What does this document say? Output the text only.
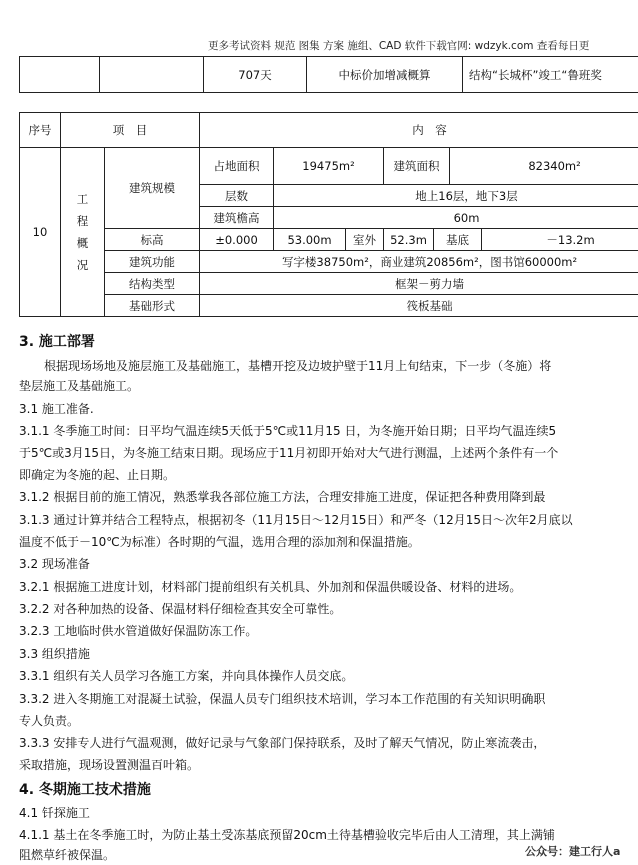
更多考试资料 规范 图集 方案 施组、CAD 软件下载官网: wdzyk.com 查看每日更
		707天	中标价加增减概算	结构“长城杯”竣工“鲁班奖
序号	项　目		内　容						
10	工
程
概
况	建筑规模	占地面积	19475m²		建筑面积		82340m²	
			层数	地上16层，地下3层					
			建筑檐高	60m					
		标高	±0.000	53.00m	室外	52.3m	基底		－13.2m
		建筑功能	写字楼38750m²，商业建筑20856m²，图书馆60000m²						
		结构类型	框架－剪力墙						
		基础形式	筏板基础						
3. 施工部署
根据现场场地及施层施工及基础施工，基槽开挖及边坡护壁于11月上旬结束，下一步（冬施）将
垫层施工及基础施工。
3.1 施工准备.
3.1.1 冬季施工时间：日平均气温连续5天低于5℃或11月15 日，为冬施开始日期；日平均气温连续5
于5℃或3月15日，为冬施工结束日期。现场应于11月初即开始对大气进行测温，上述两个条件有一个
即确定为冬施的起、止日期。
3.1.2 根据目前的施工情况，熟悉掌我各部位施工方法，合理安排施工进度，保证把各种费用降到最
3.1.3 通过计算并结合工程特点，根据初冬（11月15日～12月15日）和严冬（12月15日～次年2月底以
温度不低于－10℃为标准）各时期的气温，选用合理的添加剂和保温措施。
3.2 现场准备
3.2.1 根据施工进度计划，材料部门提前组织有关机具、外加剂和保温供暖设备、材料的进场。
3.2.2 对各种加热的设备、保温材料仔细检查其安全可靠性。
3.2.3 工地临时供水管道做好保温防冻工作。
3.3 组织措施
3.3.1 组织有关人员学习各施工方案，并向具体操作人员交底。
3.3.2 进入冬期施工对混凝土试验，保温人员专门组织技术培训，学习本工作范围的有关知识明确职
专人负责。
3.3.3 安排专人进行气温观测，做好记录与气象部门保持联系，及时了解天气情况，防止寒流袭击，
采取措施，现场设置测温百叶箱。
4. 冬期施工技术措施
4.1 钎探施工
4.1.1 基土在冬季施工时，为防止基土受冻基底预留20cm土待基槽验收完毕后由人工清理，其上满铺
阻燃草纤被保温。	公众号：建工行人a
